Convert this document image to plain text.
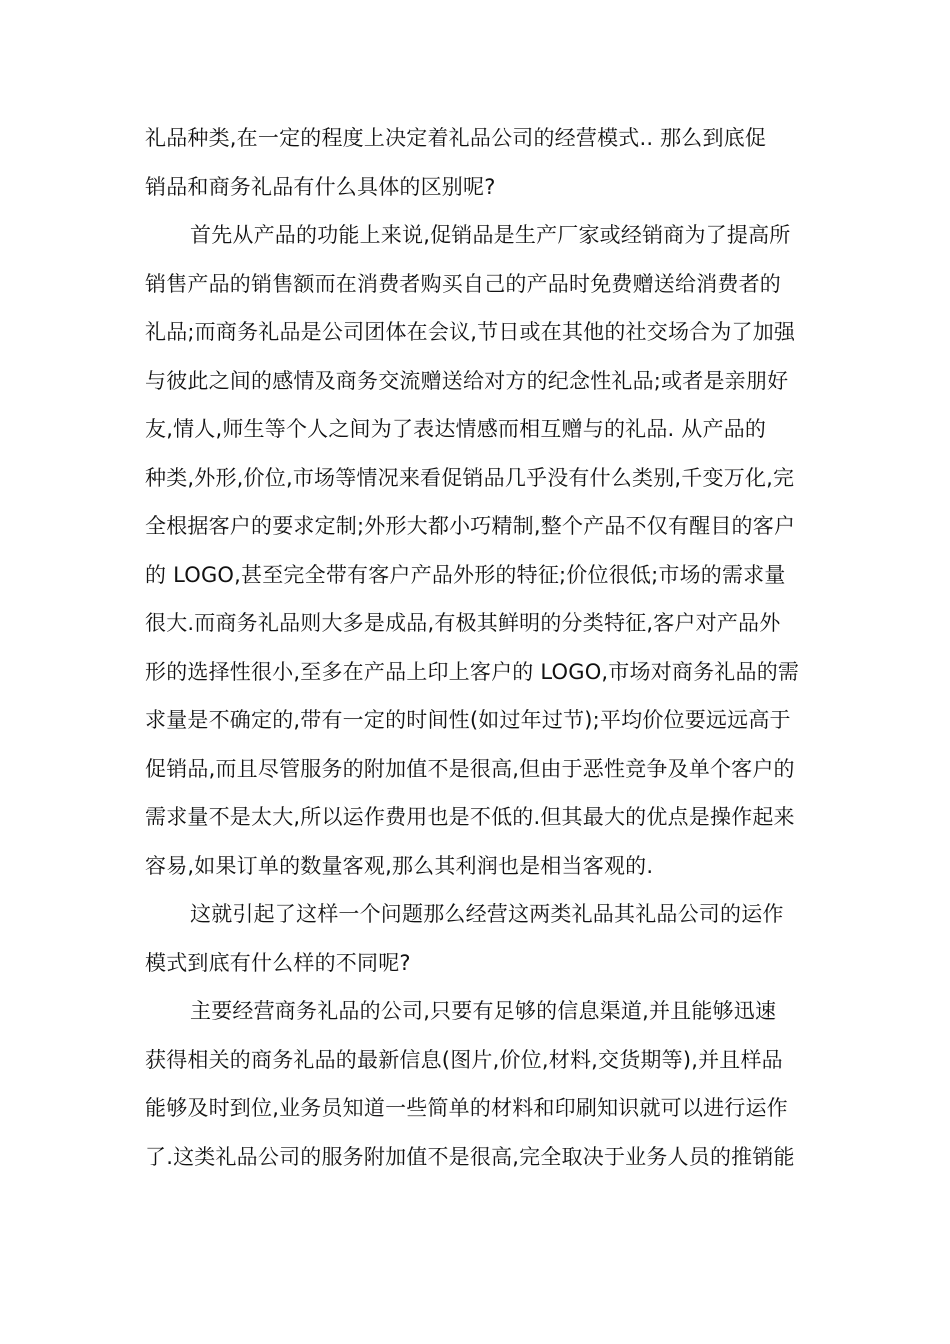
礼品种类,在一定的程度上决定着礼品公司的经营模式.. 那么到底促
销品和商务礼品有什么具体的区别呢?
首先从产品的功能上来说,促销品是生产厂家或经销商为了提高所
销售产品的销售额而在消费者购买自己的产品时免费赠送给消费者的
礼品;而商务礼品是公司团体在会议,节日或在其他的社交场合为了加强
与彼此之间的感情及商务交流赠送给对方的纪念性礼品;或者是亲朋好
友,情人,师生等个人之间为了表达情感而相互赠与的礼品. 从产品的
种类,外形,价位,市场等情况来看促销品几乎没有什么类别,千变万化,完
全根据客户的要求定制;外形大都小巧精制,整个产品不仅有醒目的客户
的 LOGO,甚至完全带有客户产品外形的特征;价位很低;市场的需求量
很大.而商务礼品则大多是成品,有极其鲜明的分类特征,客户对产品外
形的选择性很小,至多在产品上印上客户的 LOGO,市场对商务礼品的需
求量是不确定的,带有一定的时间性(如过年过节);平均价位要远远高于
促销品,而且尽管服务的附加值不是很高,但由于恶性竞争及单个客户的
需求量不是太大,所以运作费用也是不低的.但其最大的优点是操作起来
容易,如果订单的数量客观,那么其利润也是相当客观的.
这就引起了这样一个问题那么经营这两类礼品其礼品公司的运作
模式到底有什么样的不同呢?
主要经营商务礼品的公司,只要有足够的信息渠道,并且能够迅速
获得相关的商务礼品的最新信息(图片,价位,材料,交货期等),并且样品
能够及时到位,业务员知道一些简单的材料和印刷知识就可以进行运作
了.这类礼品公司的服务附加值不是很高,完全取决于业务人员的推销能
